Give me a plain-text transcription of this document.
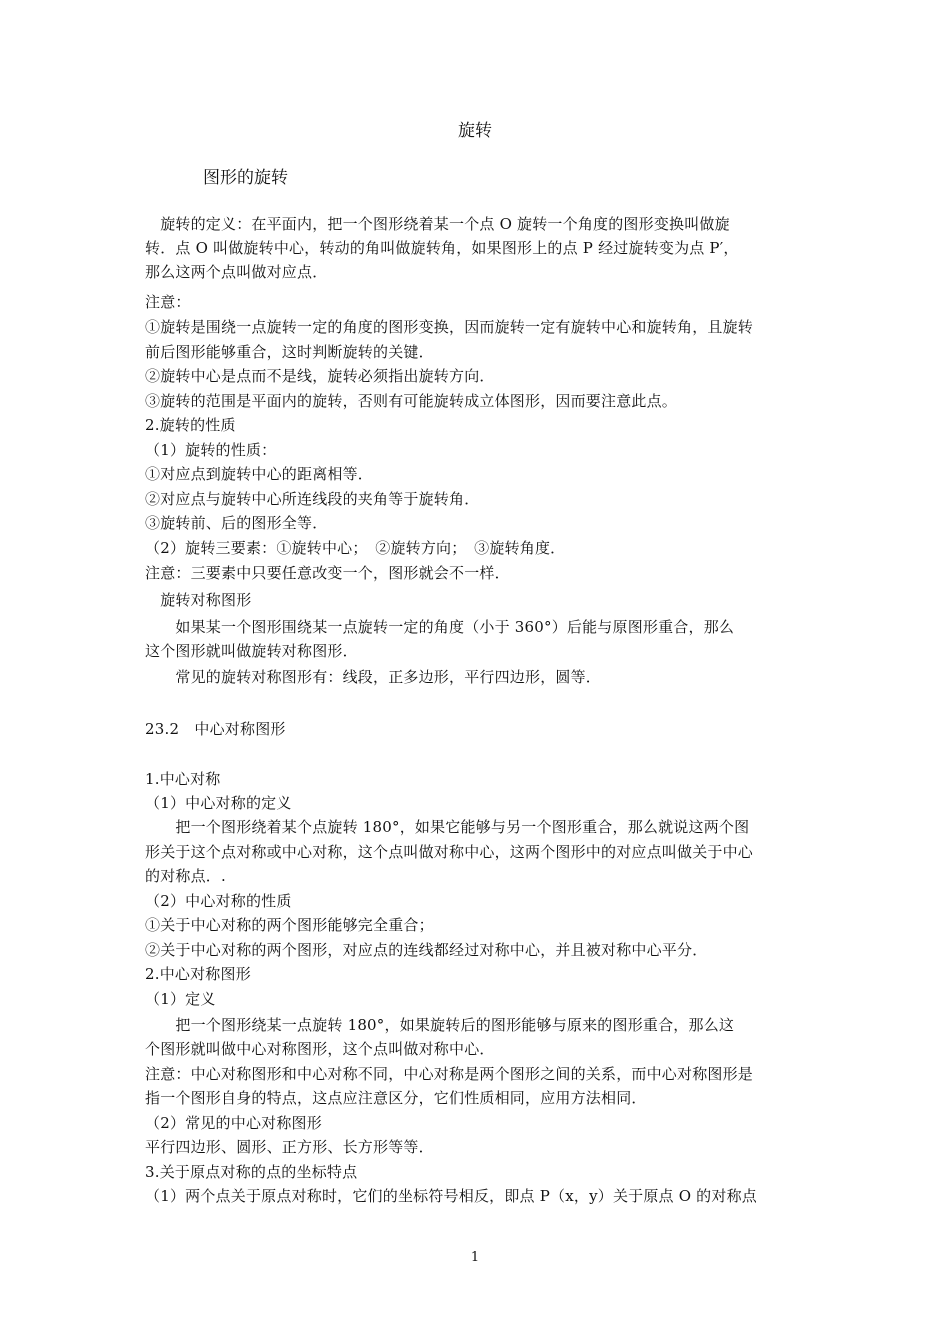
旋转
图形的旋转
　旋转的定义：在平面内，把一个图形绕着某一个点 O 旋转一个角度的图形变换叫做旋
转．点 O 叫做旋转中心，转动的角叫做旋转角，如果图形上的点 P 经过旋转变为点 P′，
那么这两个点叫做对应点．
注意：
①旋转是围绕一点旋转一定的角度的图形变换，因而旋转一定有旋转中心和旋转角，且旋转
前后图形能够重合，这时判断旋转的关键．
②旋转中心是点而不是线，旋转必须指出旋转方向．
③旋转的范围是平面内的旋转，否则有可能旋转成立体图形，因而要注意此点。
2.旋转的性质
（1）旋转的性质：
①对应点到旋转中心的距离相等．
②对应点与旋转中心所连线段的夹角等于旋转角．
③旋转前、后的图形全等．
（2）旋转三要素：①旋转中心；　②旋转方向；　③旋转角度．
注意：三要素中只要任意改变一个，图形就会不一样．
　旋转对称图形
　　如果某一个图形围绕某一点旋转一定的角度（小于 360°）后能与原图形重合，那么
这个图形就叫做旋转对称图形．
　　常见的旋转对称图形有：线段，正多边形，平行四边形，圆等．
23.2　中心对称图形
1.中心对称
（1）中心对称的定义
　　把一个图形绕着某个点旋转 180°，如果它能够与另一个图形重合，那么就说这两个图
形关于这个点对称或中心对称，这个点叫做对称中心，这两个图形中的对应点叫做关于中心
的对称点．.
（2）中心对称的性质
①关于中心对称的两个图形能够完全重合；
②关于中心对称的两个图形，对应点的连线都经过对称中心，并且被对称中心平分．
2.中心对称图形
（1）定义
　　把一个图形绕某一点旋转 180°，如果旋转后的图形能够与原来的图形重合，那么这
个图形就叫做中心对称图形，这个点叫做对称中心．
注意：中心对称图形和中心对称不同，中心对称是两个图形之间的关系，而中心对称图形是
指一个图形自身的特点，这点应注意区分，它们性质相同，应用方法相同．
（2）常见的中心对称图形
平行四边形、圆形、正方形、长方形等等．
3.关于原点对称的点的坐标特点
（1）两个点关于原点对称时，它们的坐标符号相反，即点 P（x，y）关于原点 O 的对称点
1
